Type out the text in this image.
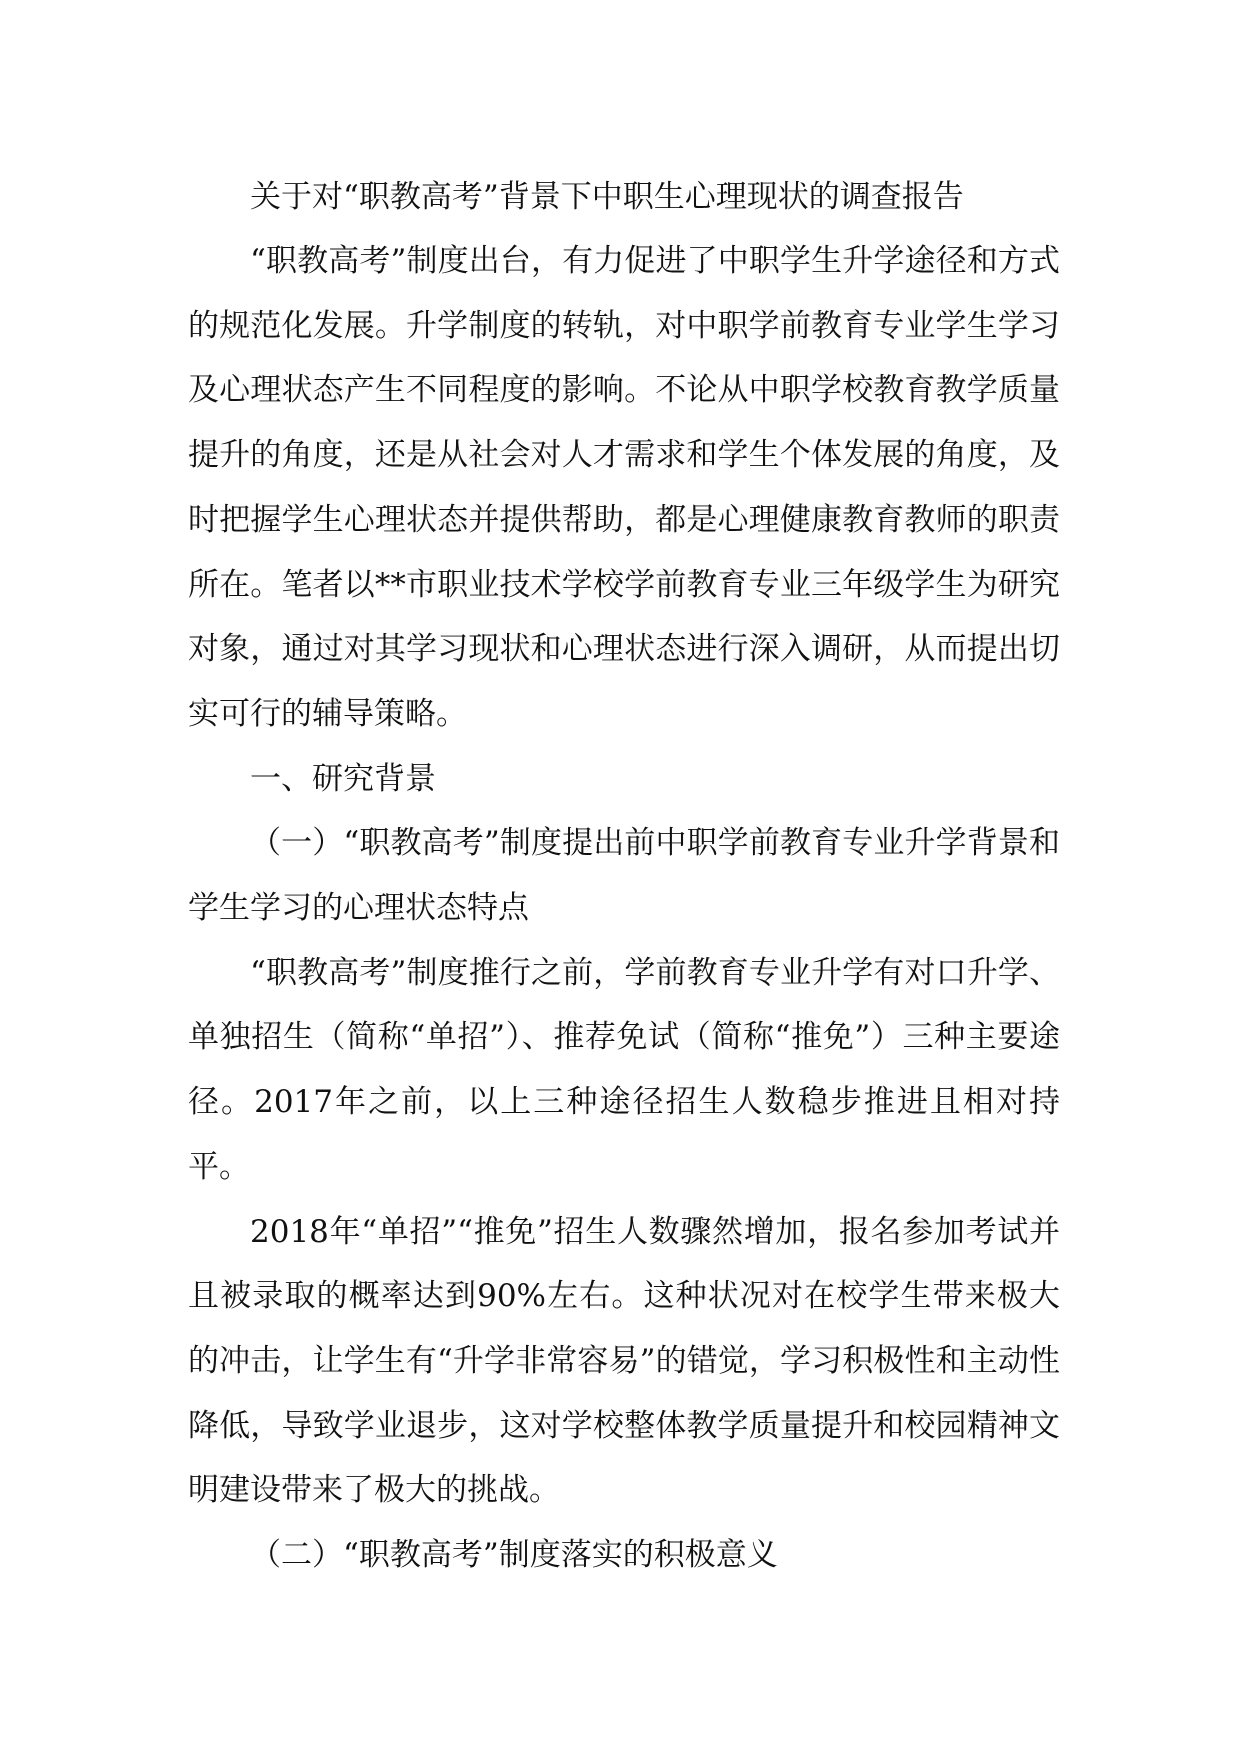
关于对“职教高考”背景下中职生心理现状的调查报告

“职教高考”制度出台，有力促进了中职学生升学途径和方式的规范化发展。升学制度的转轨，对中职学前教育专业学生学习及心理状态产生不同程度的影响。不论从中职学校教育教学质量提升的角度，还是从社会对人才需求和学生个体发展的角度，及时把握学生心理状态并提供帮助，都是心理健康教育教师的职责所在。笔者以**市职业技术学校学前教育专业三年级学生为研究对象，通过对其学习现状和心理状态进行深入调研，从而提出切实可行的辅导策略。

一、研究背景

（一）“职教高考”制度提出前中职学前教育专业升学背景和学生学习的心理状态特点

“职教高考”制度推行之前，学前教育专业升学有对口升学、单独招生（简称“单招”）、推荐免试（简称“推免”）三种主要途径。2017年之前，以上三种途径招生人数稳步推进且相对持平。

2018年“单招”“推免”招生人数骤然增加，报名参加考试并且被录取的概率达到90%左右。这种状况对在校学生带来极大的冲击，让学生有“升学非常容易”的错觉，学习积极性和主动性降低，导致学业退步，这对学校整体教学质量提升和校园精神文明建设带来了极大的挑战。

（二）“职教高考”制度落实的积极意义
